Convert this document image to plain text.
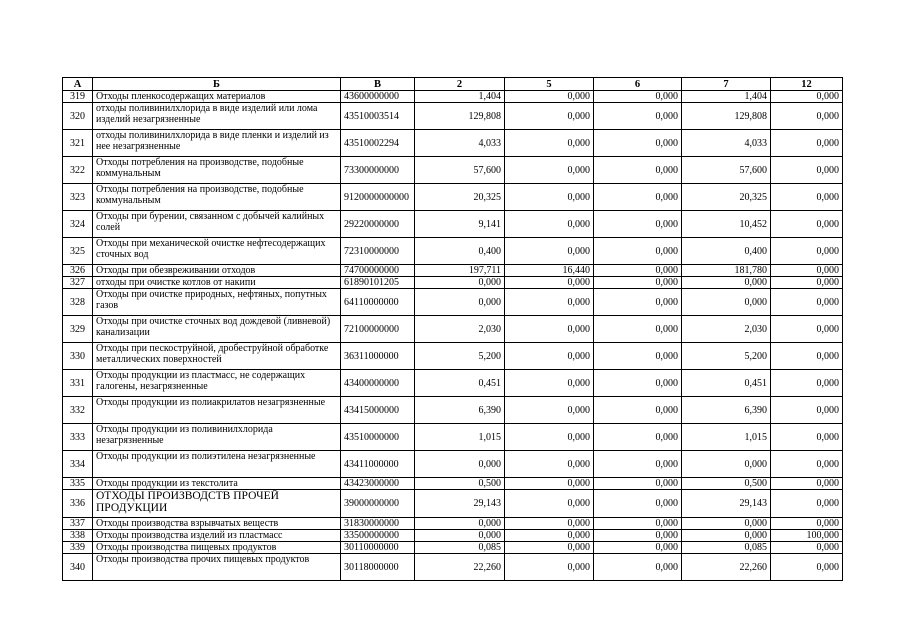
А	Б	В	2	5	6	7	12
319	Отходы пленкосодержащих материалов	43600000000	1,404	0,000	0,000	1,404	0,000
320	отходы поливинилхлорида в виде изделий или лома изделий незагрязненные	43510003514	129,808	0,000	0,000	129,808	0,000
321	отходы поливинилхлорида в виде пленки и изделий из нее незагрязненные	43510002294	4,033	0,000	0,000	4,033	0,000
322	Отходы потребления на производстве, подобные коммунальным	73300000000	57,600	0,000	0,000	57,600	0,000
323	Отходы потребления на производстве, подобные коммунальным	9120000000000	20,325	0,000	0,000	20,325	0,000
324	Отходы при бурении, связанном с добычей калийных солей	29220000000	9,141	0,000	0,000	10,452	0,000
325	Отходы при механической очистке нефтесодержащих сточных вод	72310000000	0,400	0,000	0,000	0,400	0,000
326	Отходы при обезвреживании отходов	74700000000	197,711	16,440	0,000	181,780	0,000
327	отходы при очистке котлов от накипи	61890101205	0,000	0,000	0,000	0,000	0,000
328	Отходы при очистке природных, нефтяных, попутных газов	64110000000	0,000	0,000	0,000	0,000	0,000
329	Отходы при очистке сточных вод дождевой (ливневой) канализации	72100000000	2,030	0,000	0,000	2,030	0,000
330	Отходы при пескоструйной, дробеструйной обработке металлических поверхностей	36311000000	5,200	0,000	0,000	5,200	0,000
331	Отходы продукции из пластмасс, не содержащих галогены, незагрязненные	43400000000	0,451	0,000	0,000	0,451	0,000
332	Отходы продукции из полиакрилатов незагрязненные	43415000000	6,390	0,000	0,000	6,390	0,000
333	Отходы продукции из поливинилхлорида незагрязненные	43510000000	1,015	0,000	0,000	1,015	0,000
334	Отходы продукции из полиэтилена незагрязненные	43411000000	0,000	0,000	0,000	0,000	0,000
335	Отходы продукции из текстолита	43423000000	0,500	0,000	0,000	0,500	0,000
336	ОТХОДЫ ПРОИЗВОДСТВ ПРОЧЕЙ ПРОДУКЦИИ	39000000000	29,143	0,000	0,000	29,143	0,000
337	Отходы производства взрывчатых веществ	31830000000	0,000	0,000	0,000	0,000	0,000
338	Отходы производства изделий из пластмасс	33500000000	0,000	0,000	0,000	0,000	100,000
339	Отходы производства пищевых продуктов	30110000000	0,085	0,000	0,000	0,085	0,000
340	Отходы производства прочих пищевых продуктов	30118000000	22,260	0,000	0,000	22,260	0,000
